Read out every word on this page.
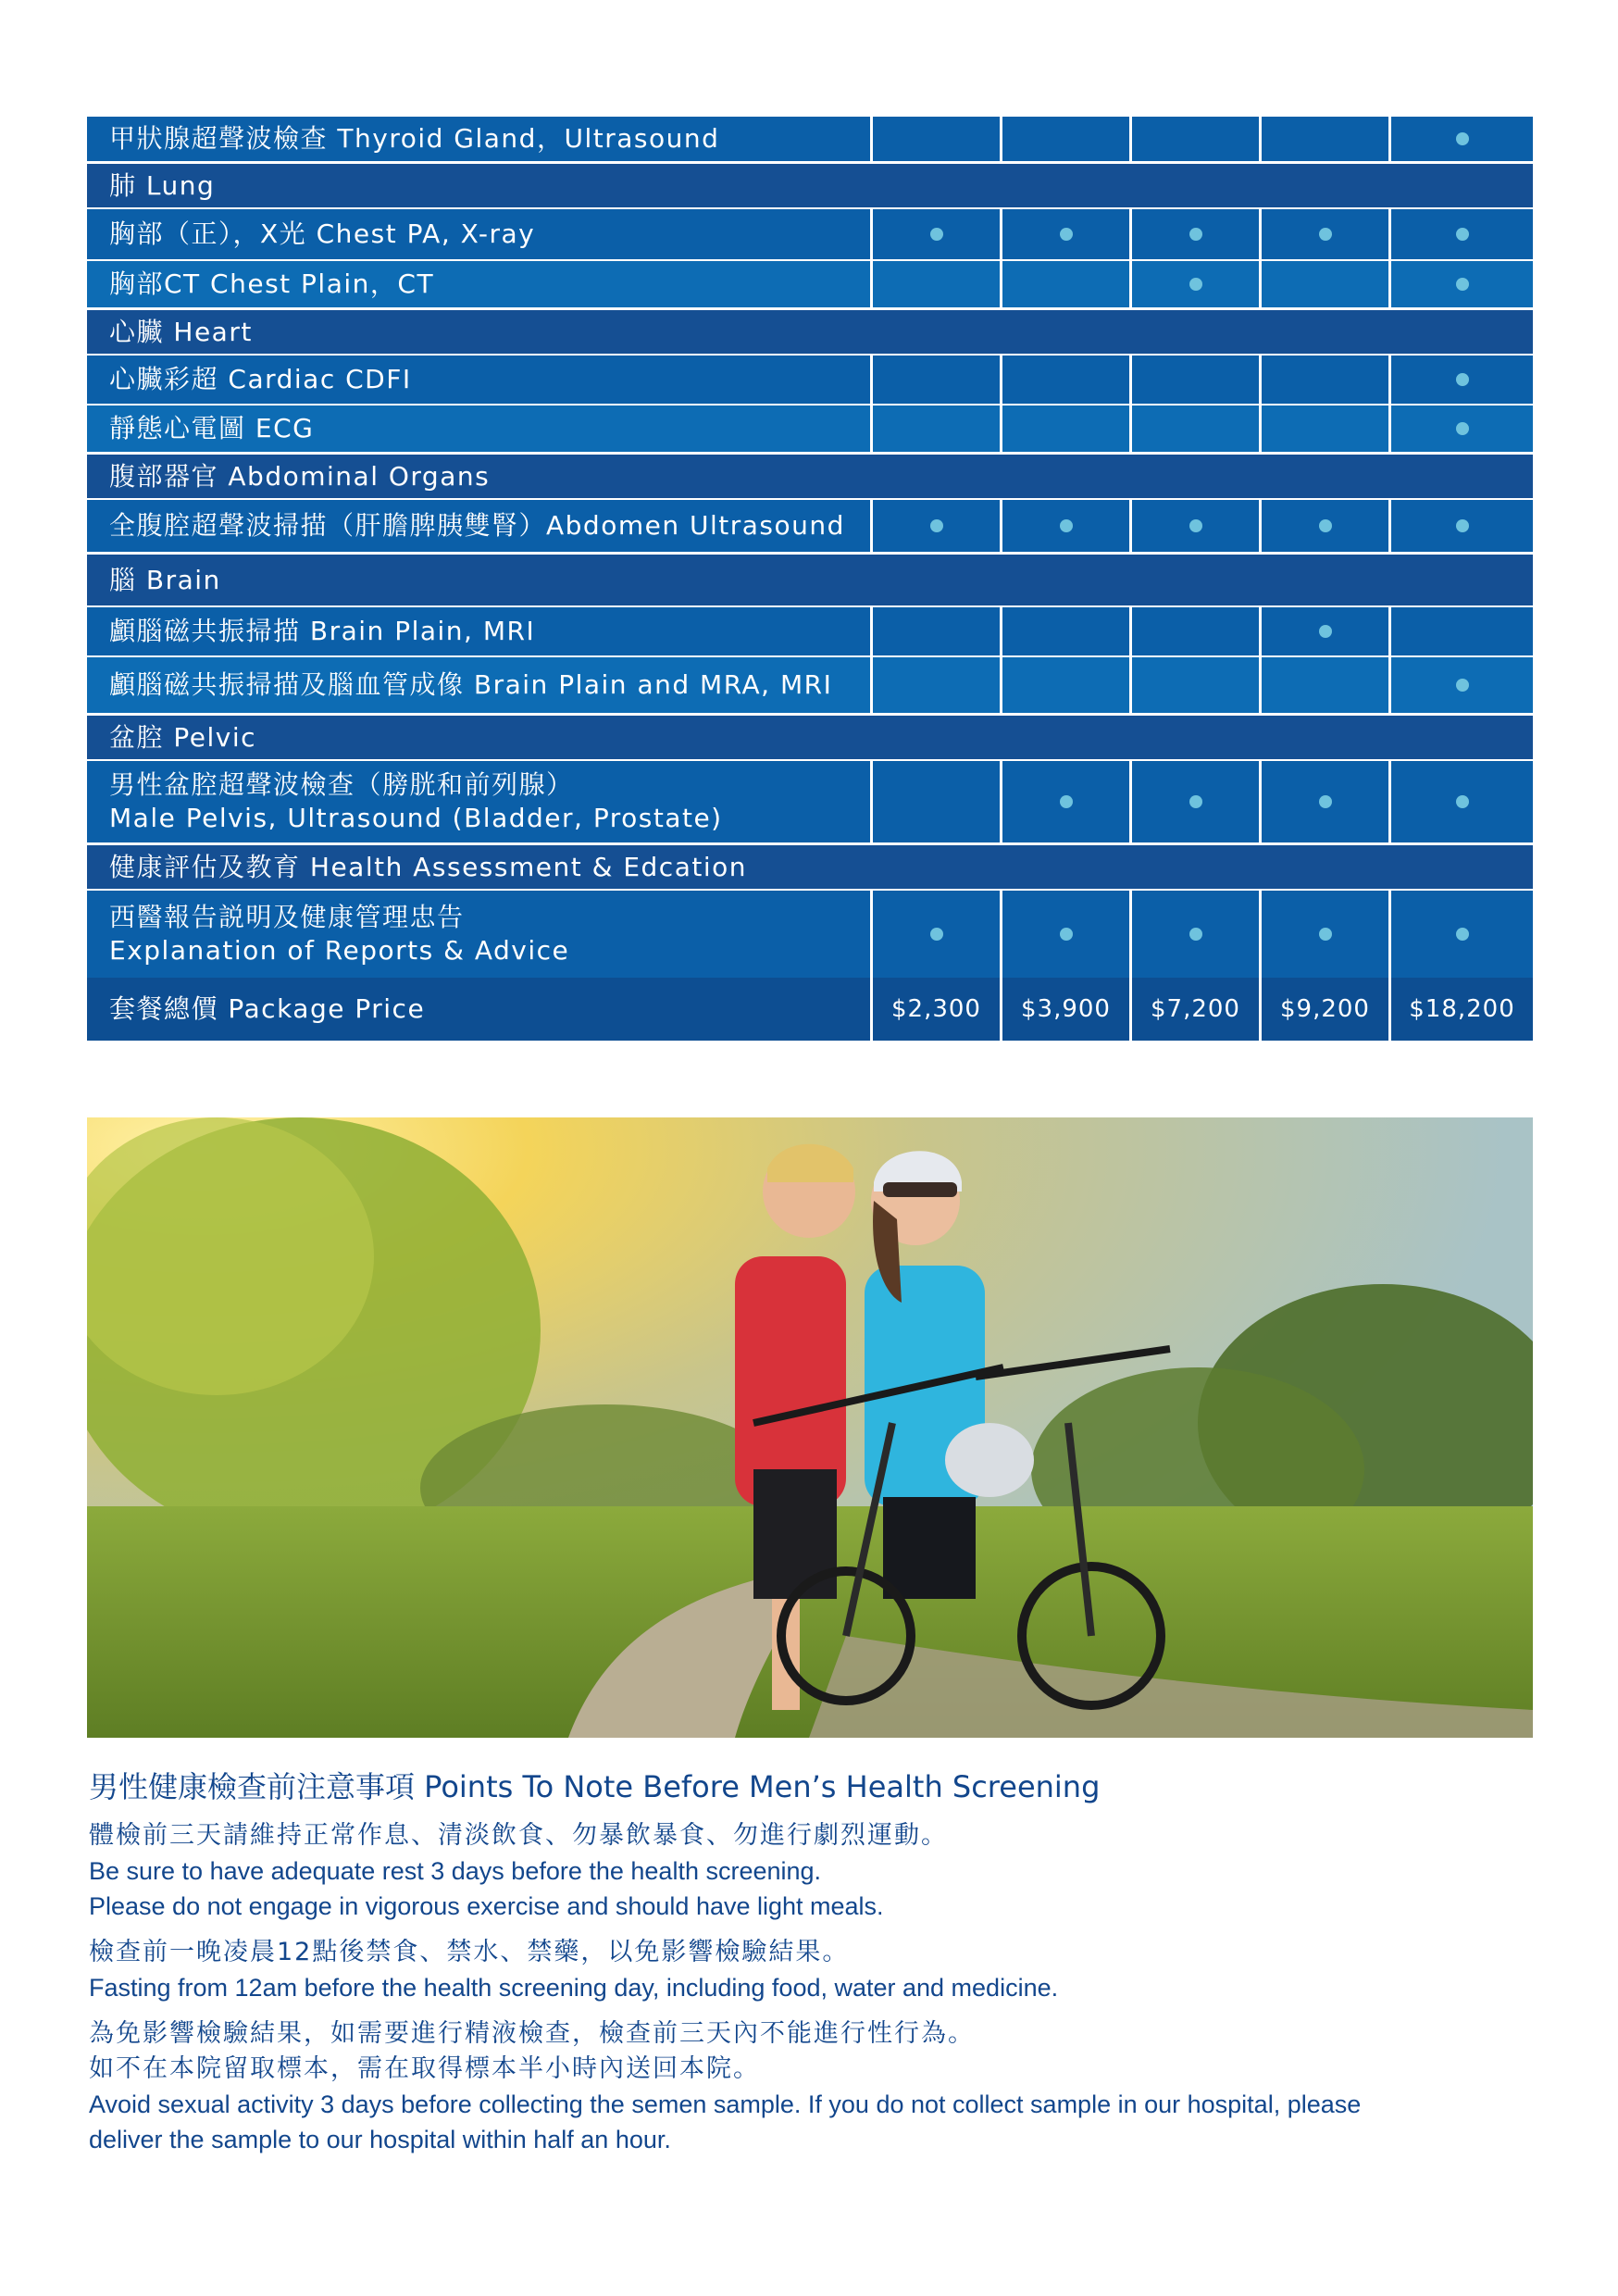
甲狀腺超聲波檢查 Thyroid Gland，Ultrasound
肺 Lung
胸部（正），X光 Chest PA, X-ray
胸部CT Chest Plain，CT
心臟 Heart
心臟彩超 Cardiac CDFI
靜態心電圖 ECG
腹部器官 Abdominal Organs
全腹腔超聲波掃描（肝膽脾胰雙腎）Abdomen Ultrasound
腦 Brain
顱腦磁共振掃描 Brain Plain, MRI
顱腦磁共振掃描及腦血管成像 Brain Plain and MRA, MRI
盆腔 Pelvic
男性盆腔超聲波檢查（膀胱和前列腺）
Male Pelvis, Ultrasound (Bladder, Prostate)
健康評估及教育 Health Assessment & Edcation
西醫報告説明及健康管理忠告
Explanation of Reports & Advice
套餐總價 Package Price	$2,300 $3,900 $7,200 $9,200 $18,200
男性健康檢查前注意事項 Points To Note Before Men’s Health Screening
體檢前三天請維持正常作息、清淡飲食、勿暴飲暴食、勿進行劇烈運動。
Be sure to have adequate rest 3 days before the health screening.
Please do not engage in vigorous exercise and should have light meals.
檢查前一晚凌晨12點後禁食、禁水、禁藥，以免影響檢驗結果。
Fasting from 12am before the health screening day, including food, water and medicine.
為免影響檢驗結果，如需要進行精液檢查，檢查前三天內不能進行性行為。
如不在本院留取標本，需在取得標本半小時內送回本院。
Avoid sexual activity 3 days before collecting the semen sample. If you do not collect sample in our hospital, please
deliver the sample to our hospital within half an hour.
